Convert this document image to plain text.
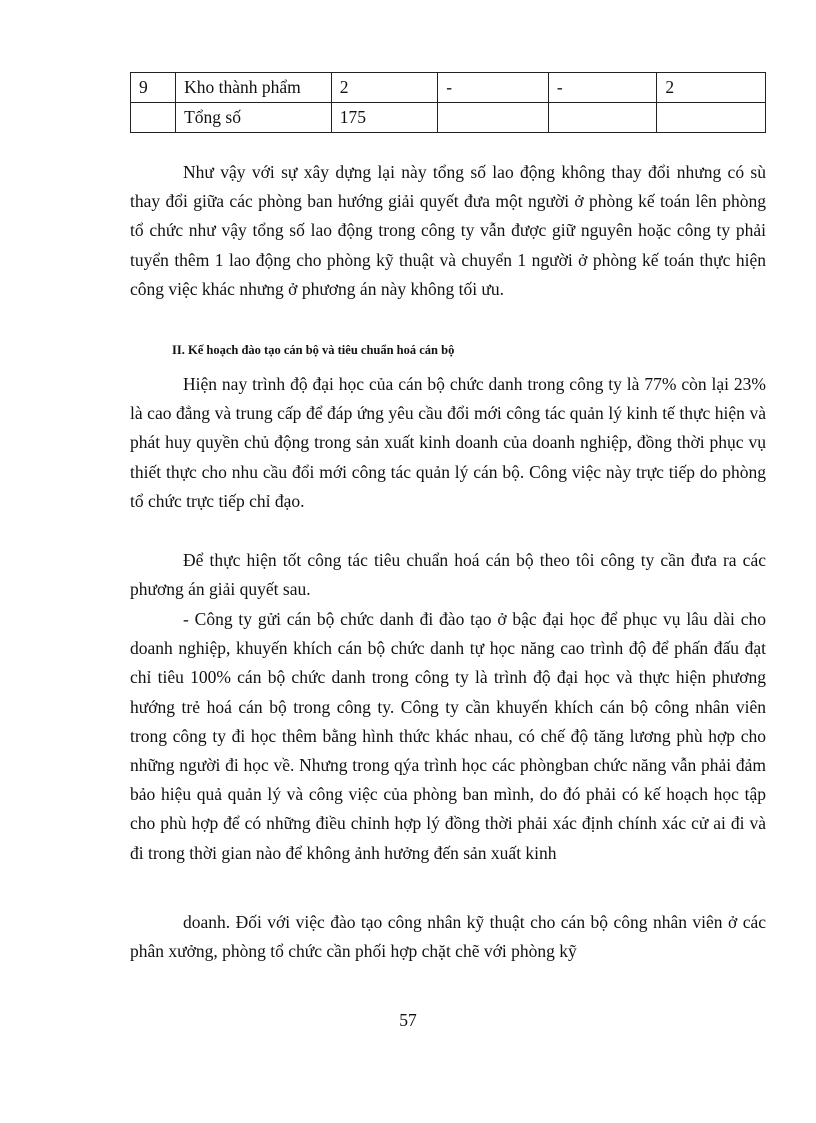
9	Kho thành phẩm	2	-	-	2
	Tổng số	175			

Như vậy với sự xây dựng lại này tổng số lao động không thay đổi nhưng có sù thay đổi giữa các phòng ban hướng giải quyết đưa một người ở phòng kế toán lên phòng tổ chức như vậy tổng số lao động trong công ty vẫn được giữ nguyên hoặc công ty phải tuyển thêm 1 lao động cho phòng kỹ thuật và chuyển 1 người ở phòng kế toán thực hiện công việc khác nhưng ở phương án này không tối ưu.

II. Kế hoạch đào tạo cán bộ và tiêu chuẩn hoá cán bộ

Hiện nay trình độ đại học của cán bộ chức danh trong công ty là 77% còn lại 23% là cao đẳng và trung cấp để đáp ứng yêu cầu đổi mới công tác quản lý kinh tế thực hiện và phát huy quyền chủ động trong sản xuất kinh doanh của doanh nghiệp, đồng thời phục vụ thiết thực cho nhu cầu đổi mới công tác quản lý cán bộ. Công việc này trực tiếp do phòng tổ chức trực tiếp chỉ đạo.

Để thực hiện tốt công tác tiêu chuẩn hoá cán bộ theo tôi công ty cần đưa ra các phương án giải quyết sau.

- Công ty gửi cán bộ chức danh đi đào tạo ở bậc đại học để phục vụ lâu dài cho doanh nghiệp, khuyến khích cán bộ chức danh tự học năng cao trình độ để phấn đấu đạt chỉ tiêu 100% cán bộ chức danh trong công ty là trình độ đại học và thực hiện phương hướng trẻ hoá cán bộ trong công ty. Công ty cần khuyến khích cán bộ công nhân viên trong công ty đi học thêm bằng hình thức khác nhau, có chế độ tăng lương phù hợp cho những người đi học về. Nhưng trong qýa trình học các phòngban chức năng vẫn phải đảm bảo hiệu quả quản lý và công việc của phòng ban mình, do đó phải có kế hoạch học tập cho phù hợp để có những điều chỉnh hợp lý đồng thời phải xác định chính xác cử ai đi và đi trong thời gian nào để không ảnh hưởng đến sản xuất kinh

doanh. Đối với việc đào tạo công nhân kỹ thuật cho cán bộ công nhân viên ở các phân xưởng, phòng tổ chức cần phối hợp chặt chẽ với phòng kỹ

57
